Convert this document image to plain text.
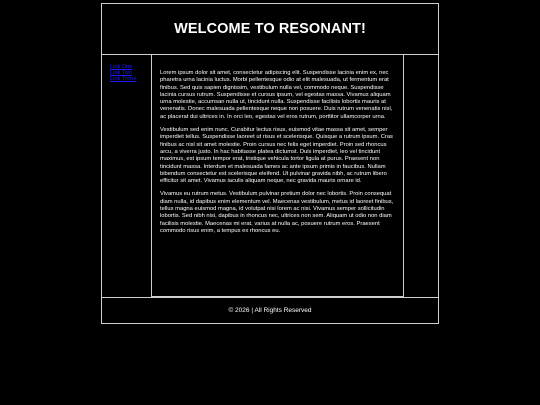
WELCOME TO RESONANT!
Link One
Link Two
Link Three

Lorem ipsum dolor sit amet, consectetur adipiscing elit. Suspendisse lacinia enim ex, nec pharetra urna lacinia luctus. Morbi pellentesque odio at elit malesuada, ut fermentum erat finibus. Sed quis sapien dignissim, vestibulum nulla vel, commodo neque. Suspendisse lacinia cursus rutrum. Suspendisse et cursus ipsum, vel egestas massa. Vivamus aliquam urna molestie, accumsan nulla ut, tincidunt nulla. Suspendisse facilisis lobortis mauris at venenatis. Donec malesuada pellentesque neque non posuere. Duis rutrum venenatis nisl, ac placerat dui ultrices in. In orci leo, egestas vel eros rutrum, porttitor ullamcorper urna.

Vestibulum sed enim nunc. Curabitur lectus risus, euismod vitae massa sit amet, semper imperdiet tellus. Suspendisse laoreet ut risus et scelerisque. Quisque a rutrum ipsum. Cras finibus ac nisl sit amet molestie. Proin cursus nec felis eget imperdiet. Proin sed rhoncus arcu, a viverra justo. In hac habitasse platea dictumst. Duis imperdiet, leo vel tincidunt maximus, est ipsum tempor erat, tristique vehicula tortor ligula at purus. Praesent non tincidunt massa. Interdum et malesuada fames ac ante ipsum primis in faucibus. Nullam bibendum consectetur est scelerisque eleifend. Ut pulvinar gravida nibh, ac rutrum libero efficitur sit amet. Vivamus iaculis aliquam neque, nec gravida mauris ornare id.

Vivamus eu rutrum metus. Vestibulum pulvinar pretium dolor nec lobortis. Proin consequat diam nulla, id dapibus enim elementum vel. Maecenas vestibulum, metus id laoreet finibus, tellus magna euismod magna, id volutpat nisi lorem ac nisi. Vivamus semper sollicitudin lobortis. Sed nibh nisi, dapibus in rhoncus nec, ultrices non sem. Aliquam ut odio non diam facilisis molestie. Maecenas mi erat, varius at nulla ac, posuere rutrum eros. Praesent commodo risus enim, a tempus ex rhoncus eu.

© 2026 | All Rights Reserved
